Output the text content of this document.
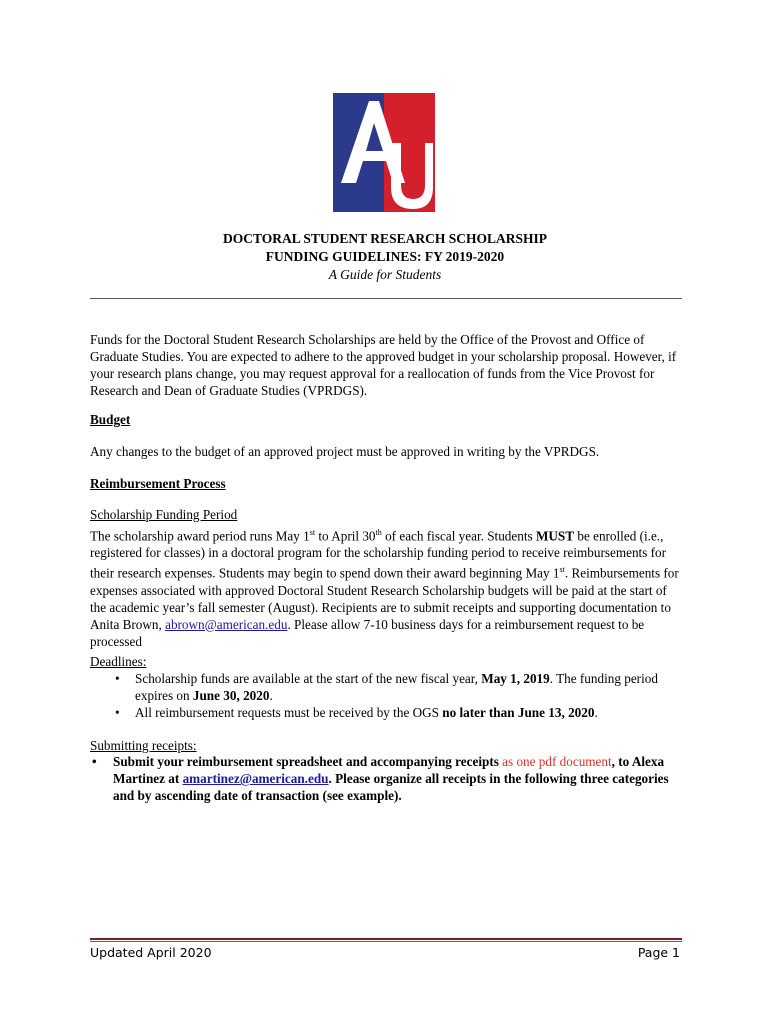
DOCTORAL STUDENT RESEARCH SCHOLARSHIP
FUNDING GUIDELINES: FY 2019-2020
A Guide for Students
Funds for the Doctoral Student Research Scholarships are held by the Office of the Provost and Office of Graduate Studies. You are expected to adhere to the approved budget in your scholarship proposal. However, if your research plans change, you may request approval for a reallocation of funds from the Vice Provost for Research and Dean of Graduate Studies (VPRDGS).
Budget
Any changes to the budget of an approved project must be approved in writing by the VPRDGS.
Reimbursement Process
Scholarship Funding Period
The scholarship award period runs May 1st to April 30th of each fiscal year. Students MUST be enrolled (i.e., registered for classes) in a doctoral program for the scholarship funding period to receive reimbursements for their research expenses. Students may begin to spend down their award beginning May 1st. Reimbursements for expenses associated with approved Doctoral Student Research Scholarship budgets will be paid at the start of the academic year’s fall semester (August). Recipients are to submit receipts and supporting documentation to Anita Brown, abrown@american.edu. Please allow 7-10 business days for a reimbursement request to be processed
Deadlines:
• Scholarship funds are available at the start of the new fiscal year, May 1, 2019. The funding period expires on June 30, 2020.
• All reimbursement requests must be received by the OGS no later than June 13, 2020.
Submitting receipts:
• Submit your reimbursement spreadsheet and accompanying receipts as one pdf document, to Alexa Martinez at amartinez@american.edu. Please organize all receipts in the following three categories and by ascending date of transaction (see example).
Updated April 2020	Page 1
